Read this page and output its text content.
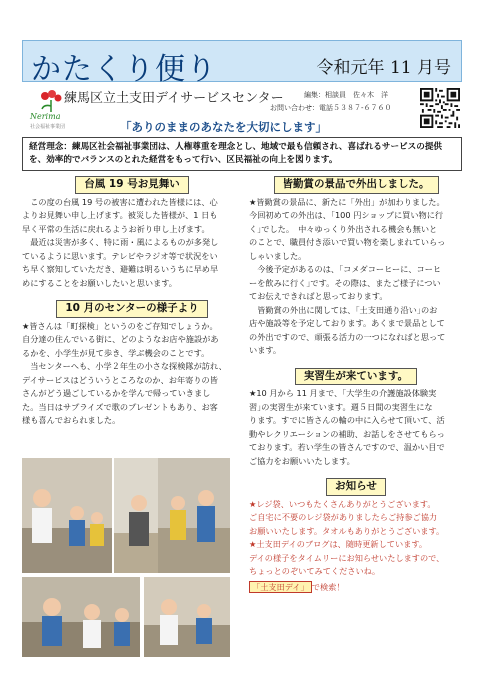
かたくり便り	令和元年 11 月号
Nerima
社会福祉事業団
練馬区立土支田デイサービスセンター	編集：相談員　佐々木　洋
お問い合わせ：電話５３８７-６７６０
「ありのままのあなたを大切にします」
経営理念：練馬区社会福祉事業団は、人権尊重を理念とし、地域で最も信頼され、喜ばれるサービスの提供を、効率的でバランスのとれた経営をもって行い、区民福祉の向上を図ります。
台風 19 号お見舞い

　この度の台風 19 号の被害に遭われた皆様には、心

よりお見舞い申し上げます。被災した皆様が、1 日も

早く平常の生活に戻れるようお祈り申し上げます。

　最近は災害が多く、特に雨・風によるものが多発し

ているように思います。テレビやラジオ等で状況をい

ち早く察知していただき、避難は明るいうちに早め早

めにすることをお願いしたいと思います。

10 月のセンターの様子より

★皆さんは「町探検」というのをご存知でしょうか。

自分達の住んでいる街に、どのようなお店や施設があ

るかを、小学生が見て歩き、学ぶ機会のことです。

　当センターへも、小学２年生の小さな探検隊が訪れ、

デイサービスはどういうところなのか、お年寄りの皆

さんがどう過ごしているかを学んで帰っていきまし

た。当日はサプライズで歌のプレゼントもあり、お客

様も喜んでおられました。

皆勤賞の景品で外出しました。

★皆勤賞の景品に、新たに「外出」が加わりました。

今回初めての外出は、｢100 円ショップに買い物に行

く｣でした。　中々ゆっくり外出される機会も無いと

のことで、職員付き添いで買い物を楽しまれていらっ

しゃいました。

　今後予定があるのは、｢コメダコーヒーに、コーヒ

ーを飲みに行く｣です。その際は、またご様子につい

てお伝えできればと思っております。

　皆勤賞の外出に関しては、｢土支田通り沿い｣のお

店や施設等を予定しております。あくまで景品として

の外出ですので、頑張る活力の一つになればと思って

います。

実習生が来ています。

★10 月から 11 月まで、｢大学生の介護施設体験実

習｣の実習生が来ています。週５日間の実習生にな

ります。すでに皆さんの輪の中に入らせて頂いて、活

動やレクリエーションの補助、お話しをさせてもらっ

ております。若い学生の皆さんですので、温かい目で

ご協力をお願いいたします。

お知らせ

★レジ袋、いつもたくさんありがとうございます。

ご自宅に不要のレジ袋がありましたらご持参ご協力

お願いいたします。タオルもありがとうございます。

★土支田デイのブログは、随時更新しています。

デイの様子をタイムリーにお知らせいたしますので、

ちょっとのぞいてみてくださいね。

「土支田デイ」 で検索！
